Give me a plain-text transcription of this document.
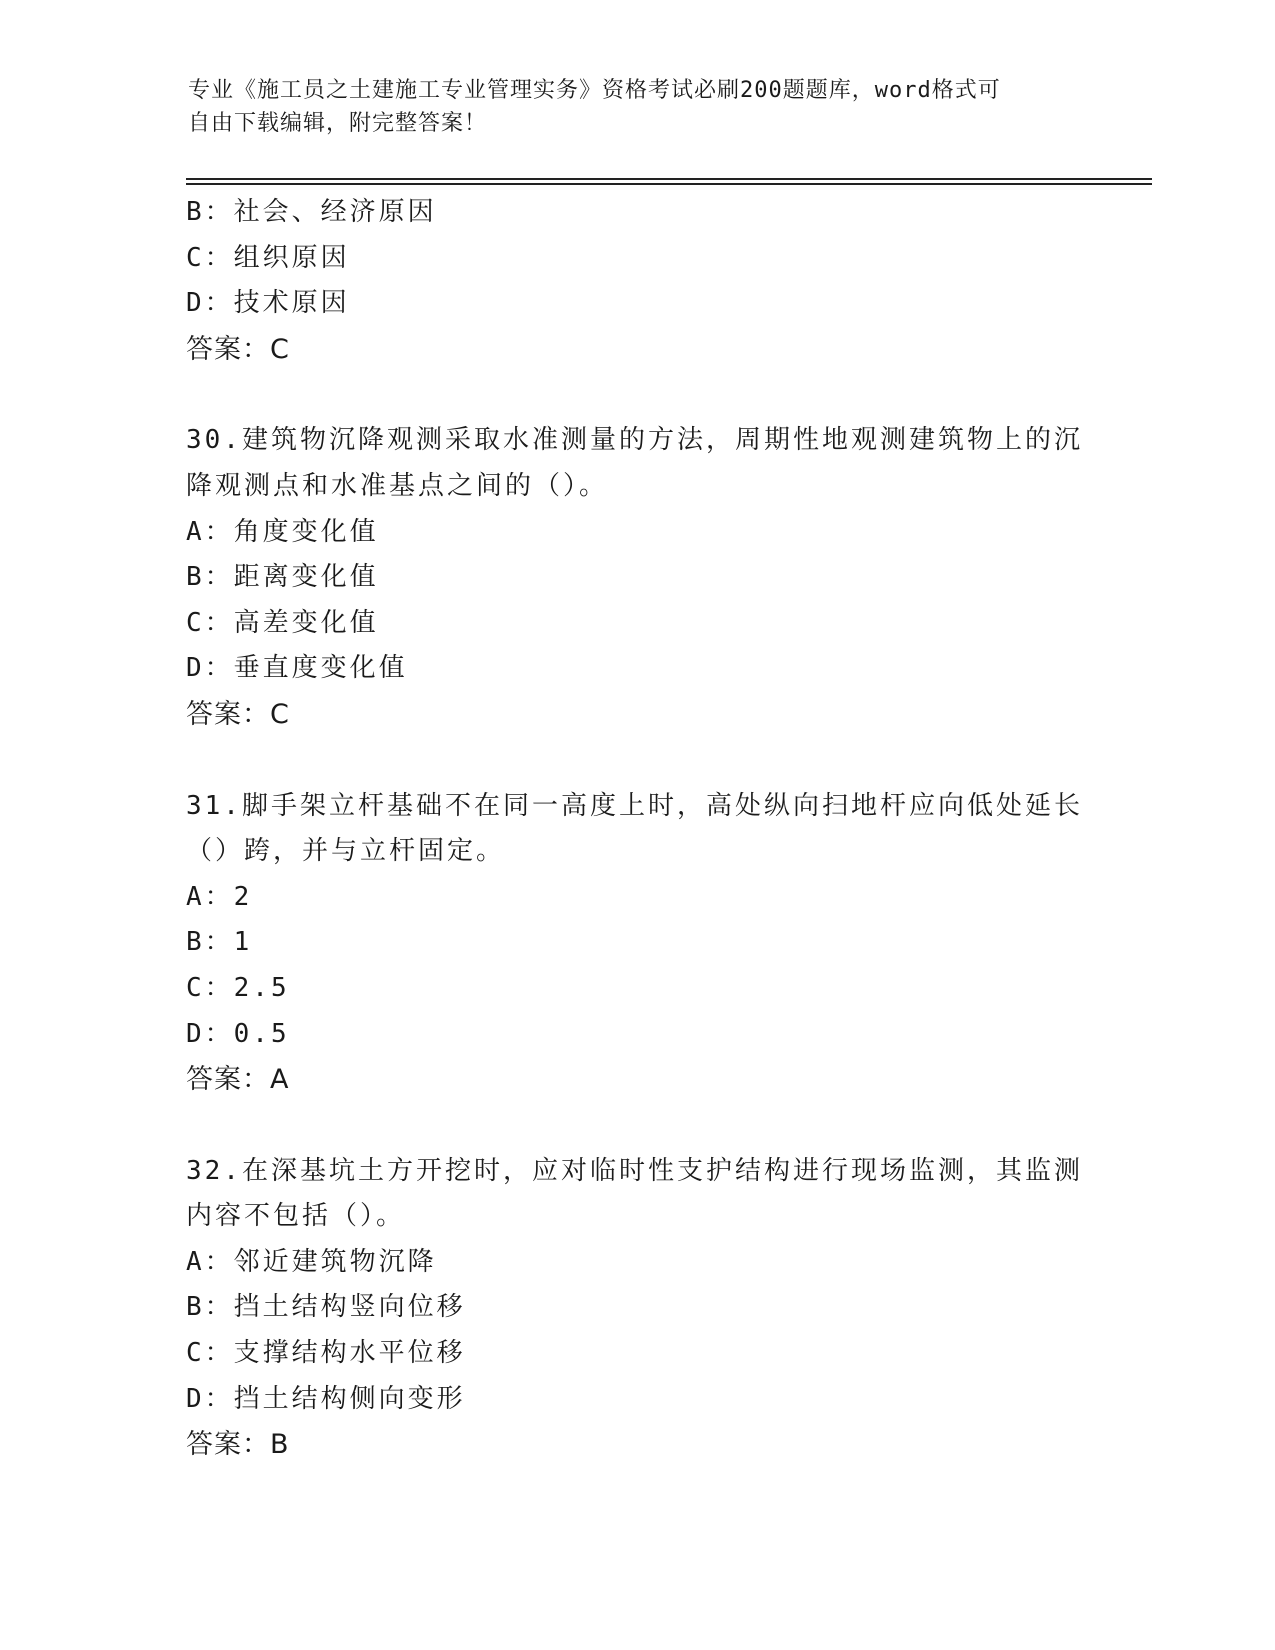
专业《施工员之土建施工专业管理实务》资格考试必刷200题题库，word格式可
自由下载编辑，附完整答案！
B：社会、经济原因
C：组织原因
D：技术原因
答案：C
30.建筑物沉降观测采取水准测量的方法，周期性地观测建筑物上的沉
降观测点和水准基点之间的（）。
A：角度变化值
B：距离变化值
C：高差变化值
D：垂直度变化值
答案：C
31.脚手架立杆基础不在同一高度上时，高处纵向扫地杆应向低处延长
（）跨，并与立杆固定。
A：2
B：1
C：2.5
D：0.5
答案：A
32.在深基坑土方开挖时，应对临时性支护结构进行现场监测，其监测
内容不包括（）。
A：邻近建筑物沉降
B：挡土结构竖向位移
C：支撑结构水平位移
D：挡土结构侧向变形
答案：B
